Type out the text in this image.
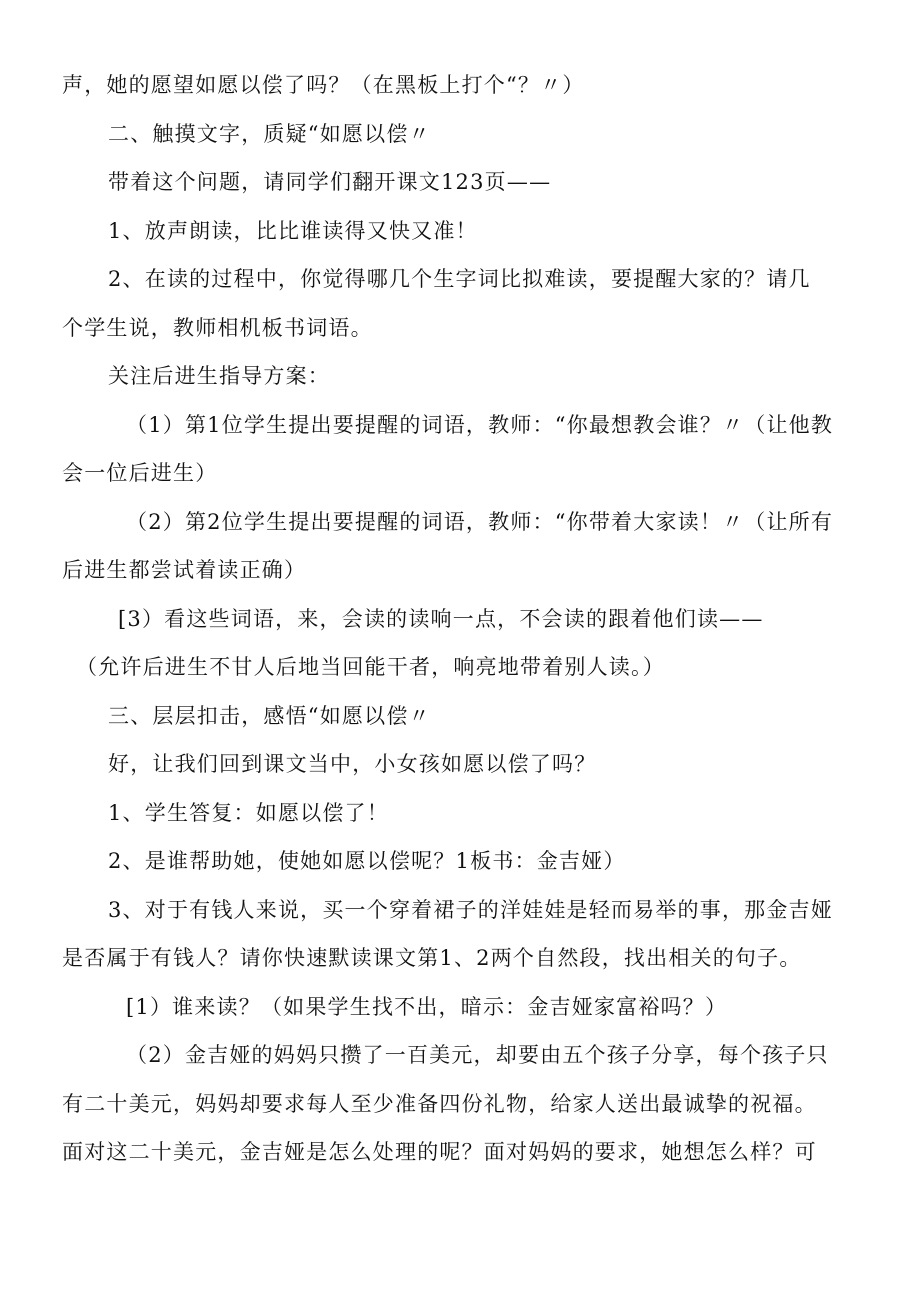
声，她的愿望如愿以偿了吗？（在黑板上打个“？〃）
二、触摸文字，质疑“如愿以偿〃
带着这个问题，请同学们翻开课文123页——
1、放声朗读，比比谁读得又快又准！
2、在读的过程中，你觉得哪几个生字词比拟难读，要提醒大家的？请几
个学生说，教师相机板书词语。
关注后进生指导方案：
（1）第1位学生提出要提醒的词语，教师：“你最想教会谁？〃（让他教
会一位后进生）
（2）第2位学生提出要提醒的词语，教师：“你带着大家读！〃（让所有
后进生都尝试着读正确）
[3）看这些词语，来，会读的读响一点，不会读的跟着他们读——
（允许后进生不甘人后地当回能干者，响亮地带着别人读。）
三、层层扣击，感悟“如愿以偿〃
好，让我们回到课文当中，小女孩如愿以偿了吗？
1、学生答复：如愿以偿了！
2、是谁帮助她，使她如愿以偿呢？1板书：金吉娅）
3、对于有钱人来说，买一个穿着裙子的洋娃娃是轻而易举的事，那金吉娅
是否属于有钱人？请你快速默读课文第1、2两个自然段，找出相关的句子。
[1）谁来读？（如果学生找不出，暗示：金吉娅家富裕吗？）
（2）金吉娅的妈妈只攒了一百美元，却要由五个孩子分享，每个孩子只
有二十美元，妈妈却要求每人至少准备四份礼物，给家人送出最诚挚的祝福。
面对这二十美元，金吉娅是怎么处理的呢？面对妈妈的要求，她想怎么样？可
